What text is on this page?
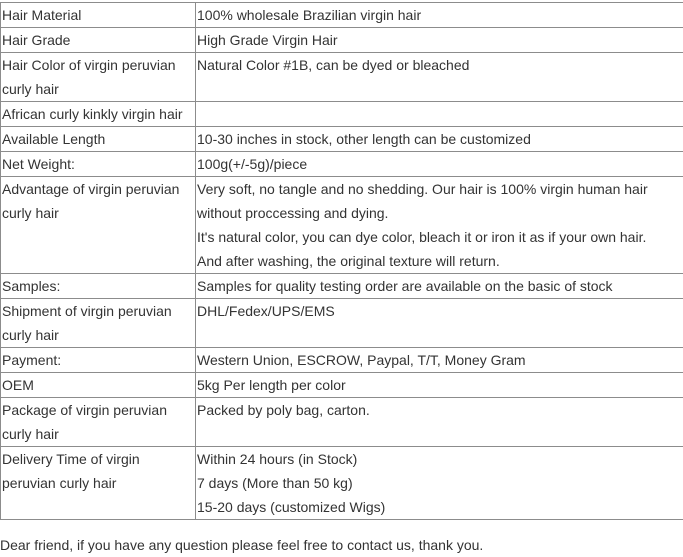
Hair Material	100% wholesale Brazilian virgin hair

Hair Grade	High Grade Virgin Hair

Hair Color of virgin peruvian
curly hair	Natural Color #1B, can be dyed or bleached

African curly kinkly virgin hair	

Available Length	10-30 inches in stock, other length can be customized

Net Weight:	100g(+/-5g)/piece

Advantage of virgin peruvian
curly hair	Very soft, no tangle and no shedding. Our hair is 100% virgin human hair
without proccessing and dying.
It's natural color, you can dye color, bleach it or iron it as if your own hair.
And after washing, the original texture will return.

Samples:	Samples for quality testing order are available on the basic of stock

Shipment of virgin peruvian
curly hair	DHL/Fedex/UPS/EMS

Payment:	Western Union, ESCROW, Paypal, T/T, Money Gram

OEM	5kg Per length per color

Package of virgin peruvian
curly hair	Packed by poly bag, carton.

Delivery Time of virgin
peruvian curly hair	Within 24 hours (in Stock)
7 days (More than 50 kg)
15-20 days (customized Wigs)
Dear friend, if you have any question please feel free to contact us, thank you.
